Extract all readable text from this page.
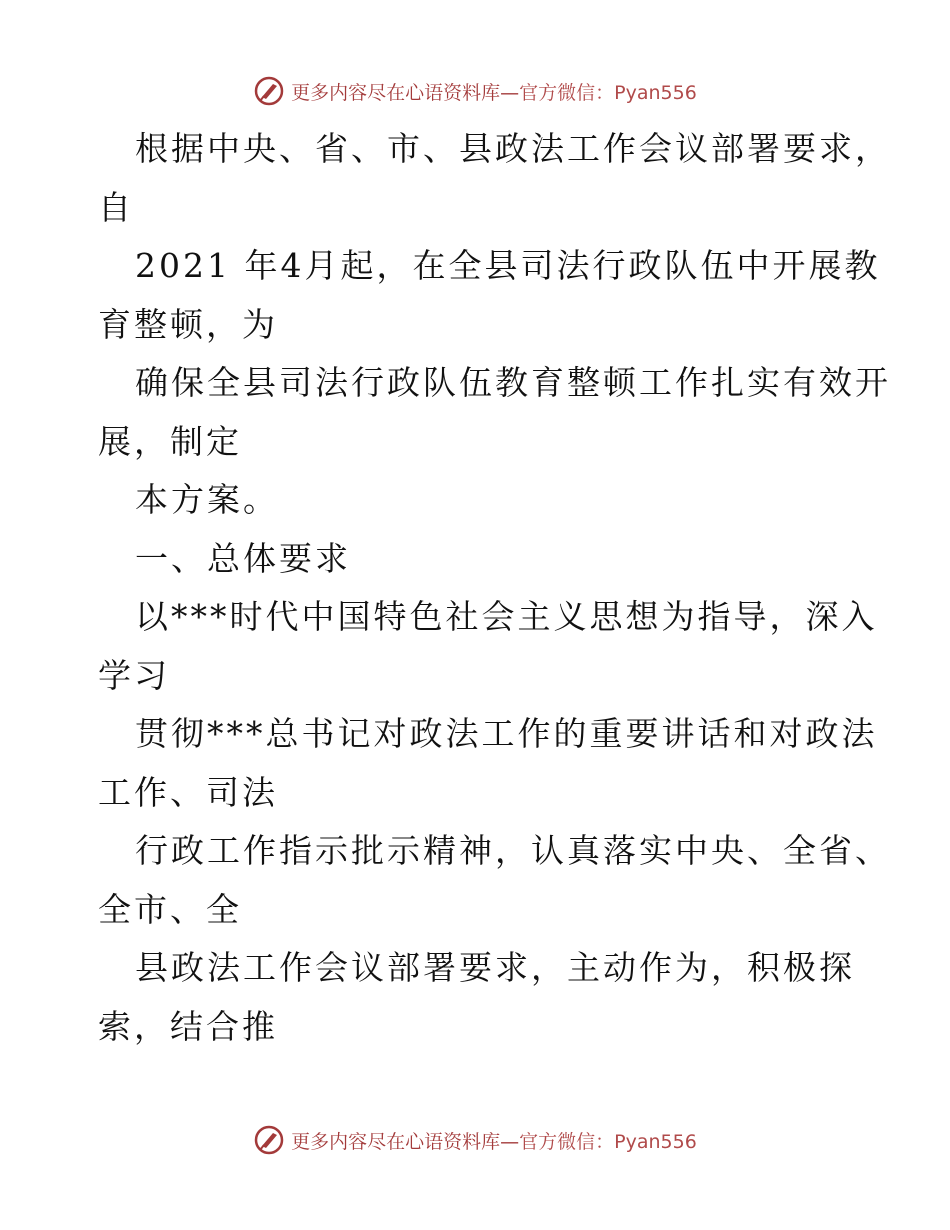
更多内容尽在心语资料库—官方微信：Pyan556
根据中央、省、市、县政法工作会议部署要求，
自
2021 年4月起，在全县司法行政队伍中开展教
育整顿，为
确保全县司法行政队伍教育整顿工作扎实有效开
展，制定
本方案。
一、总体要求
以***时代中国特色社会主义思想为指导，深入
学习
贯彻***总书记对政法工作的重要讲话和对政法
工作、司法
行政工作指示批示精神，认真落实中央、全省、
全市、全
县政法工作会议部署要求，主动作为，积极探
索，结合推
更多内容尽在心语资料库—官方微信：Pyan556
